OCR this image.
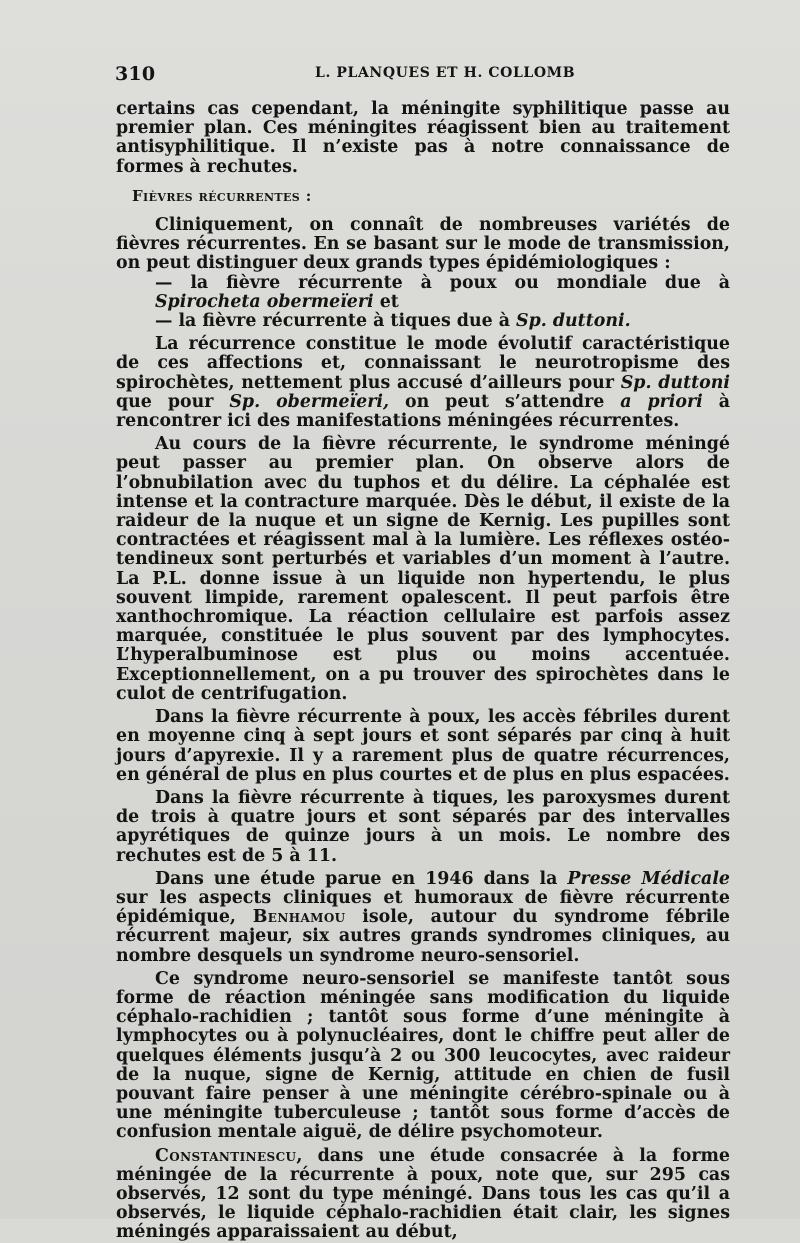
310	L. PLANQUES ET H. COLLOMB

certains cas cependant, la méningite syphilitique passe au premier plan. Ces méningites réagissent bien au traitement antisyphilitique. Il n’existe pas à notre connaissance de formes à rechutes.

Fièvres récurrentes :

Cliniquement, on connaît de nombreuses variétés de fièvres récurrentes. En se basant sur le mode de transmission, on peut distinguer deux grands types épidémiologiques :

— la fièvre récurrente à poux ou mondiale due à Spirocheta obermeïeri et

— la fièvre récurrente à tiques due à Sp. duttoni.

La récurrence constitue le mode évolutif caractéristique de ces affections et, connaissant le neurotropisme des spirochètes, nettement plus accusé d’ailleurs pour Sp. duttoni que pour Sp. obermeïeri, on peut s’attendre a priori à rencontrer ici des manifestations méningées récurrentes.

Au cours de la fièvre récurrente, le syndrome méningé peut passer au premier plan. On observe alors de l’obnubilation avec du tuphos et du délire. La céphalée est intense et la contracture marquée. Dès le début, il existe de la raideur de la nuque et un signe de Kernig. Les pupilles sont contractées et réagissent mal à la lumière. Les réflexes ostéo-tendineux sont perturbés et variables d’un moment à l’autre. La P.L. donne issue à un liquide non hypertendu, le plus souvent limpide, rarement opalescent. Il peut parfois être xanthochromique. La réaction cellulaire est parfois assez marquée, constituée le plus souvent par des lymphocytes. L’hyperalbuminose est plus ou moins accentuée. Exceptionnellement, on a pu trouver des spirochètes dans le culot de centrifugation.

Dans la fièvre récurrente à poux, les accès fébriles durent en moyenne cinq à sept jours et sont séparés par cinq à huit jours d’apyrexie. Il y a rarement plus de quatre récurrences, en général de plus en plus courtes et de plus en plus espacées.

Dans la fièvre récurrente à tiques, les paroxysmes durent de trois à quatre jours et sont séparés par des intervalles apyrétiques de quinze jours à un mois. Le nombre des rechutes est de 5 à 11.

Dans une étude parue en 1946 dans la Presse Médicale sur les aspects cliniques et humoraux de fièvre récurrente épidémique, Benhamou isole, autour du syndrome fébrile récurrent majeur, six autres grands syndromes cliniques, au nombre desquels un syndrome neuro-sensoriel.

Ce syndrome neuro-sensoriel se manifeste tantôt sous forme de réaction méningée sans modification du liquide céphalo-rachidien ; tantôt sous forme d’une méningite à lymphocytes ou à polynucléaires, dont le chiffre peut aller de quelques éléments jusqu’à 2 ou 300 leucocytes, avec raideur de la nuque, signe de Kernig, attitude en chien de fusil pouvant faire penser à une méningite cérébro-spinale ou à une méningite tuberculeuse ; tantôt sous forme d’accès de confusion mentale aiguë, de délire psychomoteur.

Constantinescu, dans une étude consacrée à la forme méningée de la récurrente à poux, note que, sur 295 cas observés, 12 sont du type méningé. Dans tous les cas qu’il a observés, le liquide céphalo-rachidien était clair, les signes méningés apparaissaient au début,
